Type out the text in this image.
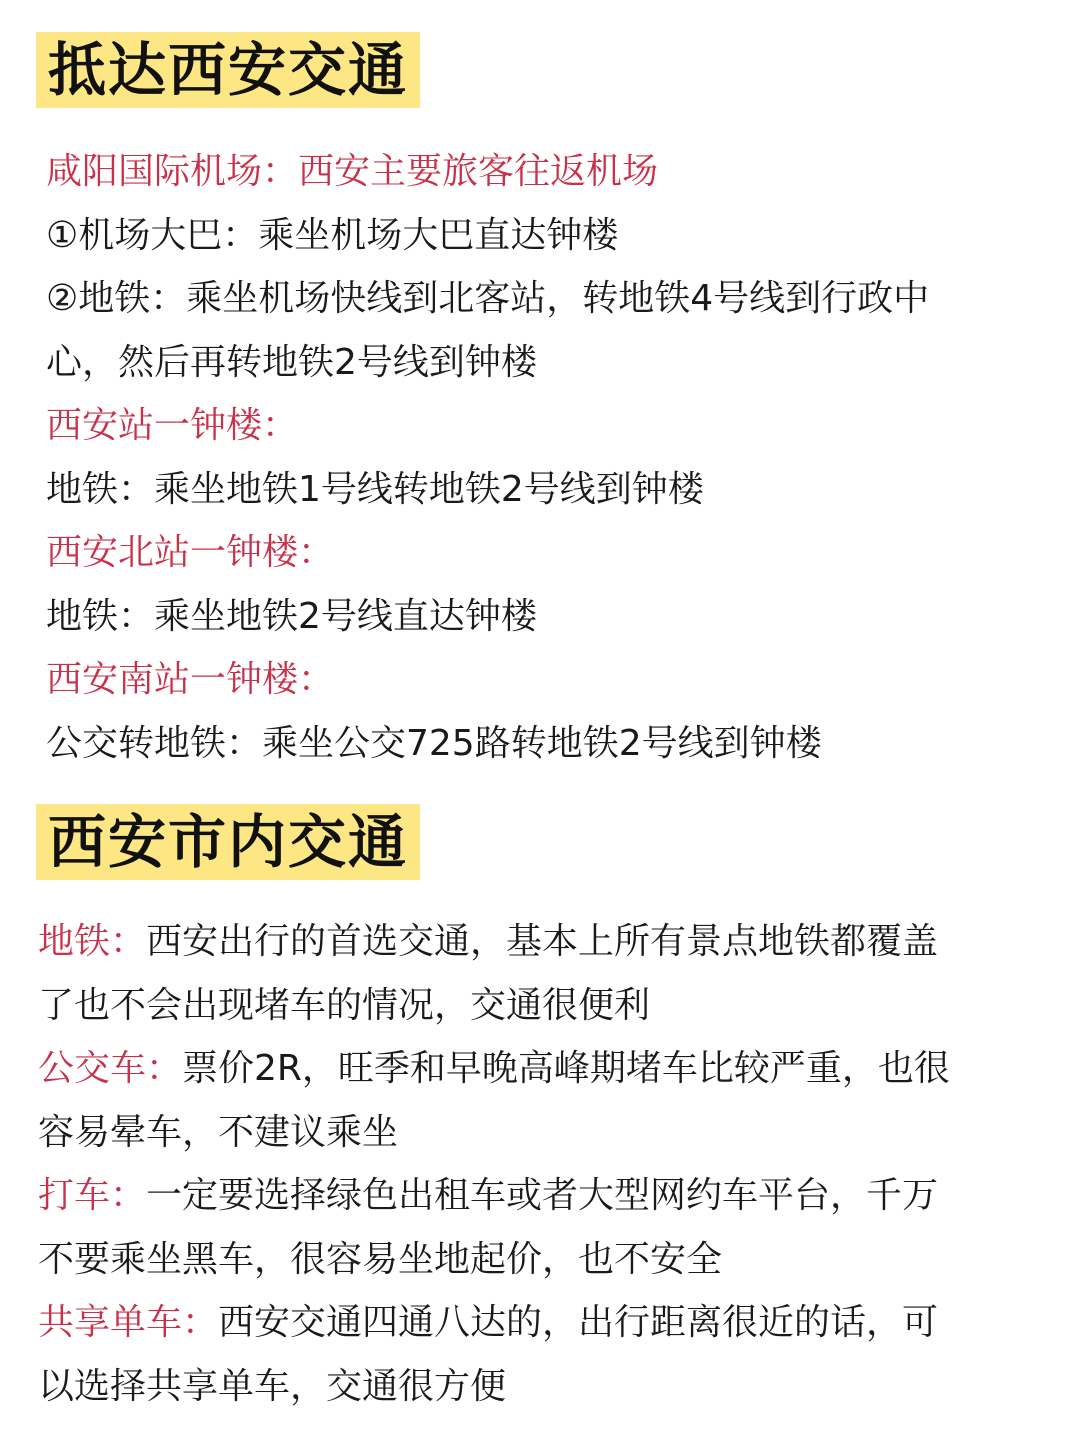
抵达西安交通
咸阳国际机场：西安主要旅客往返机场
①机场大巴：乘坐机场大巴直达钟楼
②地铁：乘坐机场快线到北客站，转地铁4号线到行政中
心，然后再转地铁2号线到钟楼
西安站一钟楼：
地铁：乘坐地铁1号线转地铁2号线到钟楼
西安北站一钟楼：
地铁：乘坐地铁2号线直达钟楼
西安南站一钟楼：
公交转地铁：乘坐公交725路转地铁2号线到钟楼
西安市内交通
地铁：西安出行的首选交通，基本上所有景点地铁都覆盖
了也不会出现堵车的情况，交通很便利
公交车：票价2R，旺季和早晚高峰期堵车比较严重，也很
容易晕车，不建议乘坐
打车：一定要选择绿色出租车或者大型网约车平台，千万
不要乘坐黑车，很容易坐地起价，也不安全
共享单车：西安交通四通八达的，出行距离很近的话，可
以选择共享单车，交通很方便
